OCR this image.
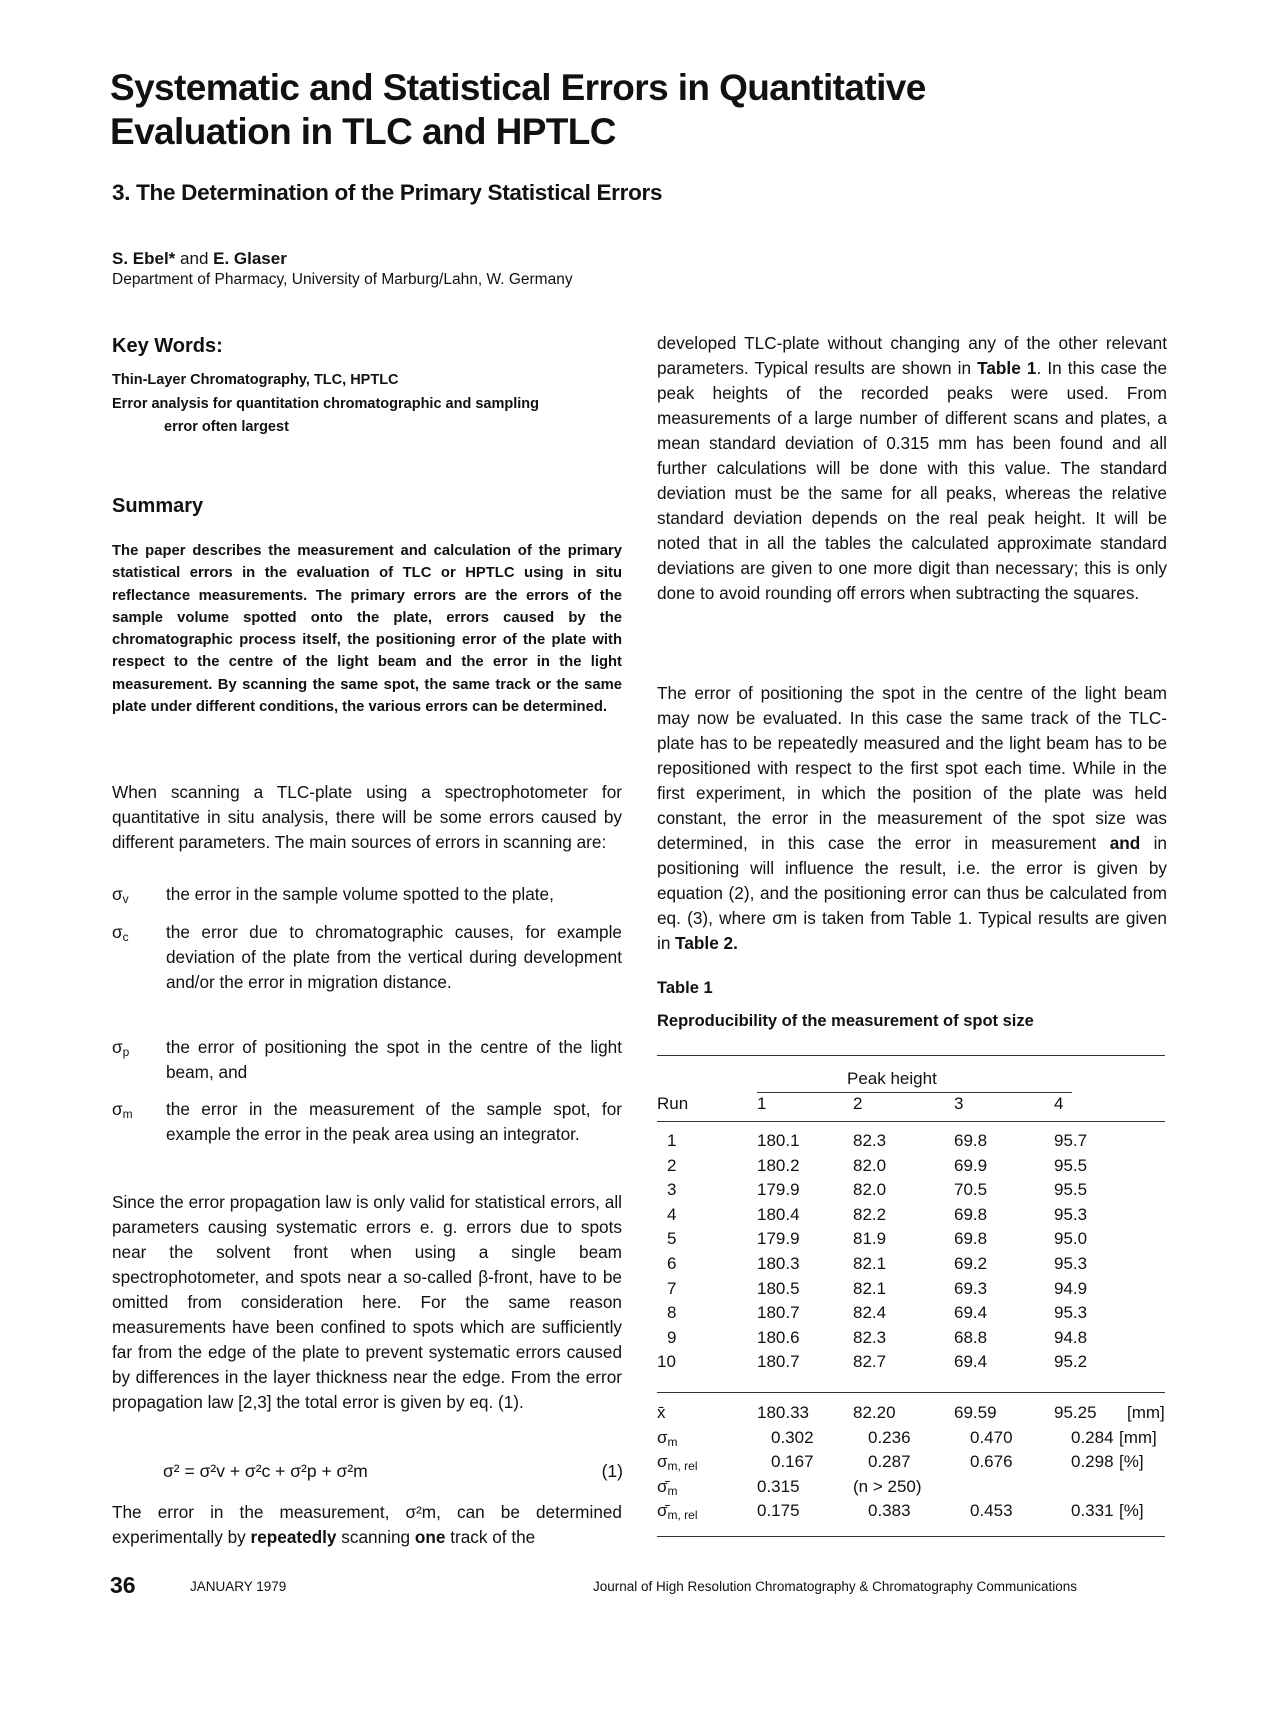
Systematic and Statistical Errors in Quantitative Evaluation in TLC and HPTLC
3. The Determination of the Primary Statistical Errors
S. Ebel* and E. Glaser
Department of Pharmacy, University of Marburg/Lahn, W. Germany
Key Words:
Thin-Layer Chromatography, TLC, HPTLC
Error analysis for quantitation chromatographic and sampling
error often largest
Summary
The paper describes the measurement and calculation of the primary statistical errors in the evaluation of TLC or HPTLC using in situ reflectance measurements. The primary errors are the errors of the sample volume spotted onto the plate, errors caused by the chromatographic process itself, the positioning error of the plate with respect to the centre of the light beam and the error in the light measurement. By scanning the same spot, the same track or the same plate under different conditions, the various errors can be determined.
When scanning a TLC-plate using a spectrophotometer for quantitative in situ analysis, there will be some errors caused by different parameters. The main sources of errors in scanning are:
$\sigma_v$	the error in the sample volume spotted to the plate,
$\sigma_c$	the error due to chromatographic causes, for example deviation of the plate from the vertical during development and/or the error in migration distance.
$\sigma_p$	the error of positioning the spot in the centre of the light beam, and
$\sigma_m$	the error in the measurement of the sample spot, for example the error in the peak area using an integrator.
Since the error propagation law is only valid for statistical errors, all parameters causing systematic errors e. g. errors due to spots near the solvent front when using a single beam spectrophotometer, and spots near a so-called β-front, have to be omitted from consideration here. For the same reason measurements have been confined to spots which are sufficiently far from the edge of the plate to prevent systematic errors caused by differences in the layer thickness near the edge. From the error propagation law [2,3] the total error is given by eq. (1).
σ² = σ²v + σ²c + σ²p + σ²m	(1)
The error in the measurement, σ²m, can be determined experimentally by repeatedly scanning one track of the
developed TLC-plate without changing any of the other relevant parameters. Typical results are shown in Table 1. In this case the peak heights of the recorded peaks were used. From measurements of a large number of different scans and plates, a mean standard deviation of 0.315 mm has been found and all further calculations will be done with this value. The standard deviation must be the same for all peaks, whereas the relative standard deviation depends on the real peak height. It will be noted that in all the tables the calculated approximate standard deviations are given to one more digit than necessary; this is only done to avoid rounding off errors when subtracting the squares.
The error of positioning the spot in the centre of the light beam may now be evaluated. In this case the same track of the TLC-plate has to be repeatedly measured and the light beam has to be repositioned with respect to the first spot each time. While in the first experiment, in which the position of the plate was held constant, the error in the measurement of the spot size was determined, in this case the error in measurement and in positioning will influence the result, i.e. the error is given by equation (2), and the positioning error can thus be calculated from eq. (3), where σm is taken from Table 1. Typical results are given in Table 2.
Table 1
Reproducibility of the measurement of spot size
Peak height
Run	1	2	3	4
1	180.1	82.3	69.8	95.7
2	180.2	82.0	69.9	95.5
3	179.9	82.0	70.5	95.5
4	180.4	82.2	69.8	95.3
5	179.9	81.9	69.8	95.0
6	180.3	82.1	69.2	95.3
7	180.5	82.1	69.3	94.9
8	180.7	82.4	69.4	95.3
9	180.6	82.3	68.8	94.8
10	180.7	82.7	69.4	95.2
x̄	180.33	82.20	69.59	95.25 [mm]
$\sigma_m$	0.302	0.236	0.470	0.284 [mm]
$\sigma_{m, rel}$	0.167	0.287	0.676	0.298 [%]
$\sigmā_m$	0.315	(n > 250)
$\sigmā_{m, rel}$	0.175	0.383	0.453	0.331 [%]
36	JANUARY 1979	Journal of High Resolution Chromatography & Chromatography Communications
